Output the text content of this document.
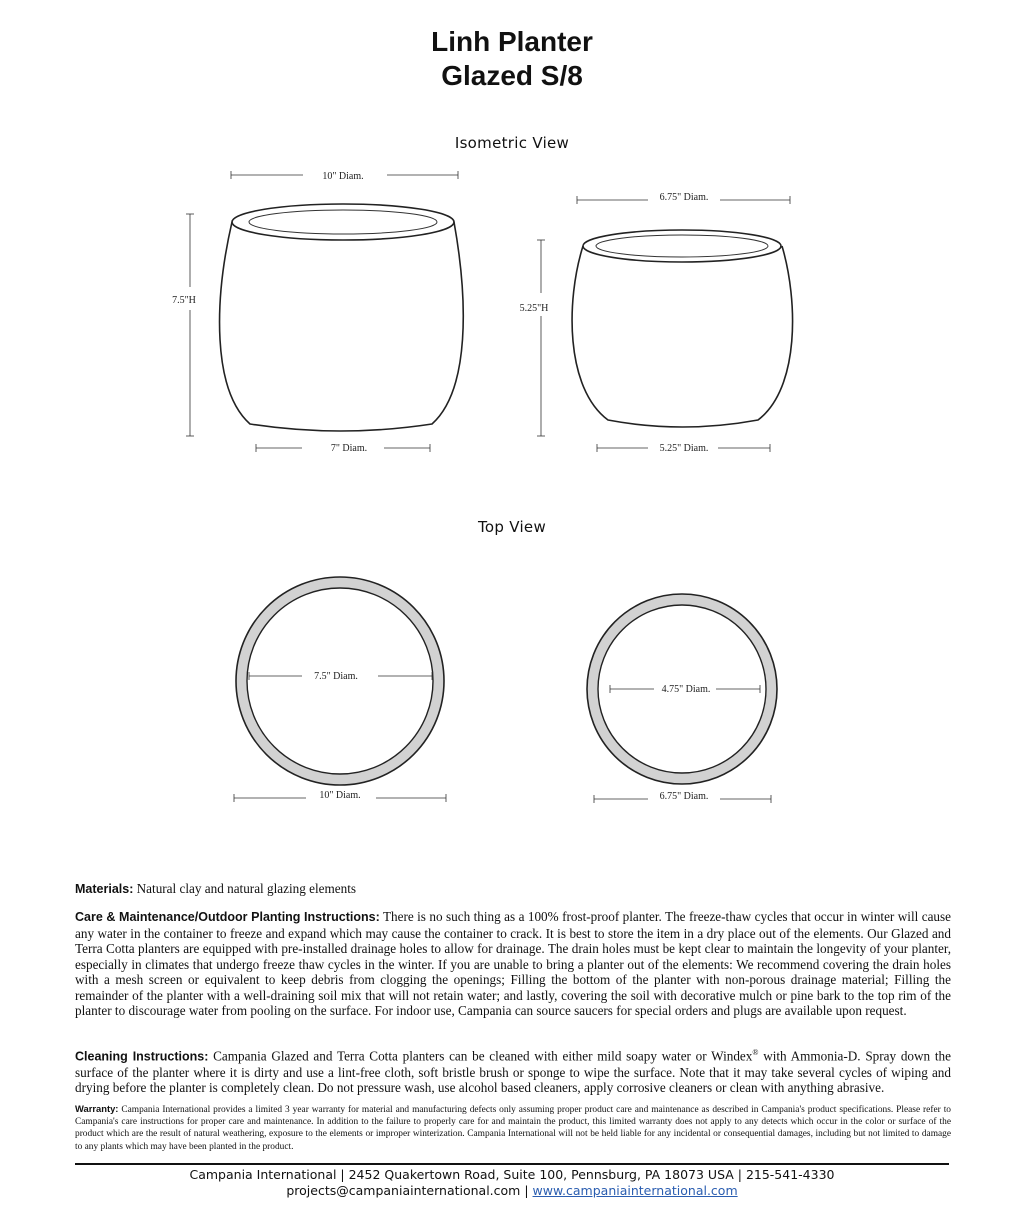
Linh Planter
Glazed S/8
Isometric View
Top View
10" Diam.
7.5"H
7" Diam.
6.75" Diam.
5.25"H
5.25" Diam.
7.5" Diam.
10" Diam.
4.75" Diam.
6.75" Diam.
Materials: Natural clay and natural glazing elements
Care & Maintenance/Outdoor Planting Instructions: There is no such thing as a 100% frost-proof planter. The freeze-thaw cycles that occur in winter will cause any water in the container to freeze and expand which may cause the container to crack. It is best to store the item in a dry place out of the elements. Our Glazed and Terra Cotta planters are equipped with pre-installed drainage holes to allow for drainage. The drain holes must be kept clear to maintain the longevity of your planter, especially in climates that undergo freeze thaw cycles in the winter. If you are unable to bring a planter out of the elements: We recommend covering the drain holes with a mesh screen or equivalent to keep debris from clogging the openings; Filling the bottom of the planter with non-porous drainage material; Filling the remainder of the planter with a well-draining soil mix that will not retain water; and lastly, covering the soil with decorative mulch or pine bark to the top rim of the planter to discourage water from pooling on the surface. For indoor use, Campania can source saucers for special orders and plugs are available upon request.
Cleaning Instructions: Campania Glazed and Terra Cotta planters can be cleaned with either mild soapy water or Windex® with Ammonia-D. Spray down the surface of the planter where it is dirty and use a lint-free cloth, soft bristle brush or sponge to wipe the surface. Note that it may take several cycles of wiping and drying before the planter is completely clean. Do not pressure wash, use alcohol based cleaners, apply corrosive cleaners or clean with anything abrasive.
Warranty: Campania International provides a limited 3 year warranty for material and manufacturing defects only assuming proper product care and maintenance as described in Campania's product specifications. Please refer to Campania's care instructions for proper care and maintenance. In addition to the failure to properly care for and maintain the product, this limited warranty does not apply to any detects which occur in the color or surface of the product which are the result of natural weathering, exposure to the elements or improper winterization. Campania International will not be held liable for any incidental or consequential damages, including but not limited to damage to any plants which may have been planted in the product.
Campania International | 2452 Quakertown Road, Suite 100, Pennsburg, PA 18073 USA | 215-541-4330
projects@campaniainternational.com | www.campaniainternational.com
